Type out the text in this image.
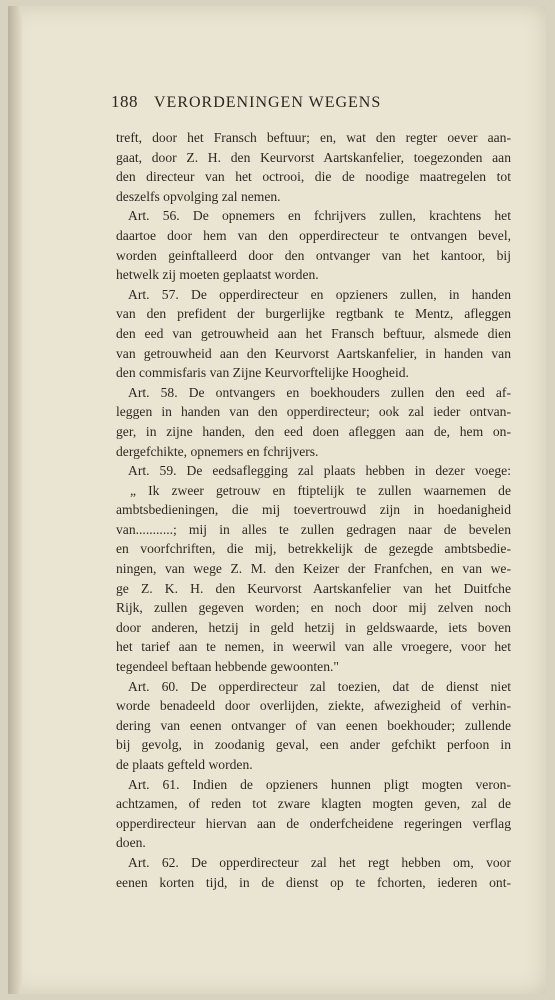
188 VERORDENINGEN WEGENS
treft, door het Fransch beftuur; en, wat den regter oever aan-
gaat, door Z. H. den Keurvorst Aartskanfelier, toegezonden aan
den directeur van het octrooi, die de noodige maatregelen tot
deszelfs opvolging zal nemen.
Art. 56. De opnemers en fchrijvers zullen, krachtens het
daartoe door hem van den opperdirecteur te ontvangen bevel,
worden geinftalleerd door den ontvanger van het kantoor, bij
hetwelk zij moeten geplaatst worden.
Art. 57. De opperdirecteur en opzieners zullen, in handen
van den prefident der burgerlijke regtbank te Mentz, afleggen
den eed van getrouwheid aan het Fransch beftuur, alsmede dien
van getrouwheid aan den Keurvorst Aartskanfelier, in handen van
den commisfaris van Zijne Keurvorftelijke Hoogheid.
Art. 58. De ontvangers en boekhouders zullen den eed af-
leggen in handen van den opperdirecteur; ook zal ieder ontvan-
ger, in zijne handen, den eed doen afleggen aan de, hem on-
dergefchikte, opnemers en fchrijvers.
Art. 59. De eedsaflegging zal plaats hebben in dezer voege:
„ Ik zweer getrouw en ftiptelijk te zullen waarnemen de
ambtsbedieningen, die mij toevertrouwd zijn in hoedanigheid
van...........; mij in alles te zullen gedragen naar de bevelen
en voorfchriften, die mij, betrekkelijk de gezegde ambtsbedie-
ningen, van wege Z. M. den Keizer der Franfchen, en van we-
ge Z. K. H. den Keurvorst Aartskanfelier van het Duitfche
Rijk, zullen gegeven worden; en noch door mij zelven noch
door anderen, hetzij in geld hetzij in geldswaarde, iets boven
het tarief aan te nemen, in weerwil van alle vroegere, voor het
tegendeel beftaan hebbende gewoonten."
Art. 60. De opperdirecteur zal toezien, dat de dienst niet
worde benadeeld door overlijden, ziekte, afwezigheid of verhin-
dering van eenen ontvanger of van eenen boekhouder; zullende
bij gevolg, in zoodanig geval, een ander gefchikt perfoon in
de plaats gefteld worden.
Art. 61. Indien de opzieners hunnen pligt mogten veron-
achtzamen, of reden tot zware klagten mogten geven, zal de
opperdirecteur hiervan aan de onderfcheidene regeringen verflag
doen.
Art. 62. De opperdirecteur zal het regt hebben om, voor
eenen korten tijd, in de dienst op te fchorten, iederen ont-
